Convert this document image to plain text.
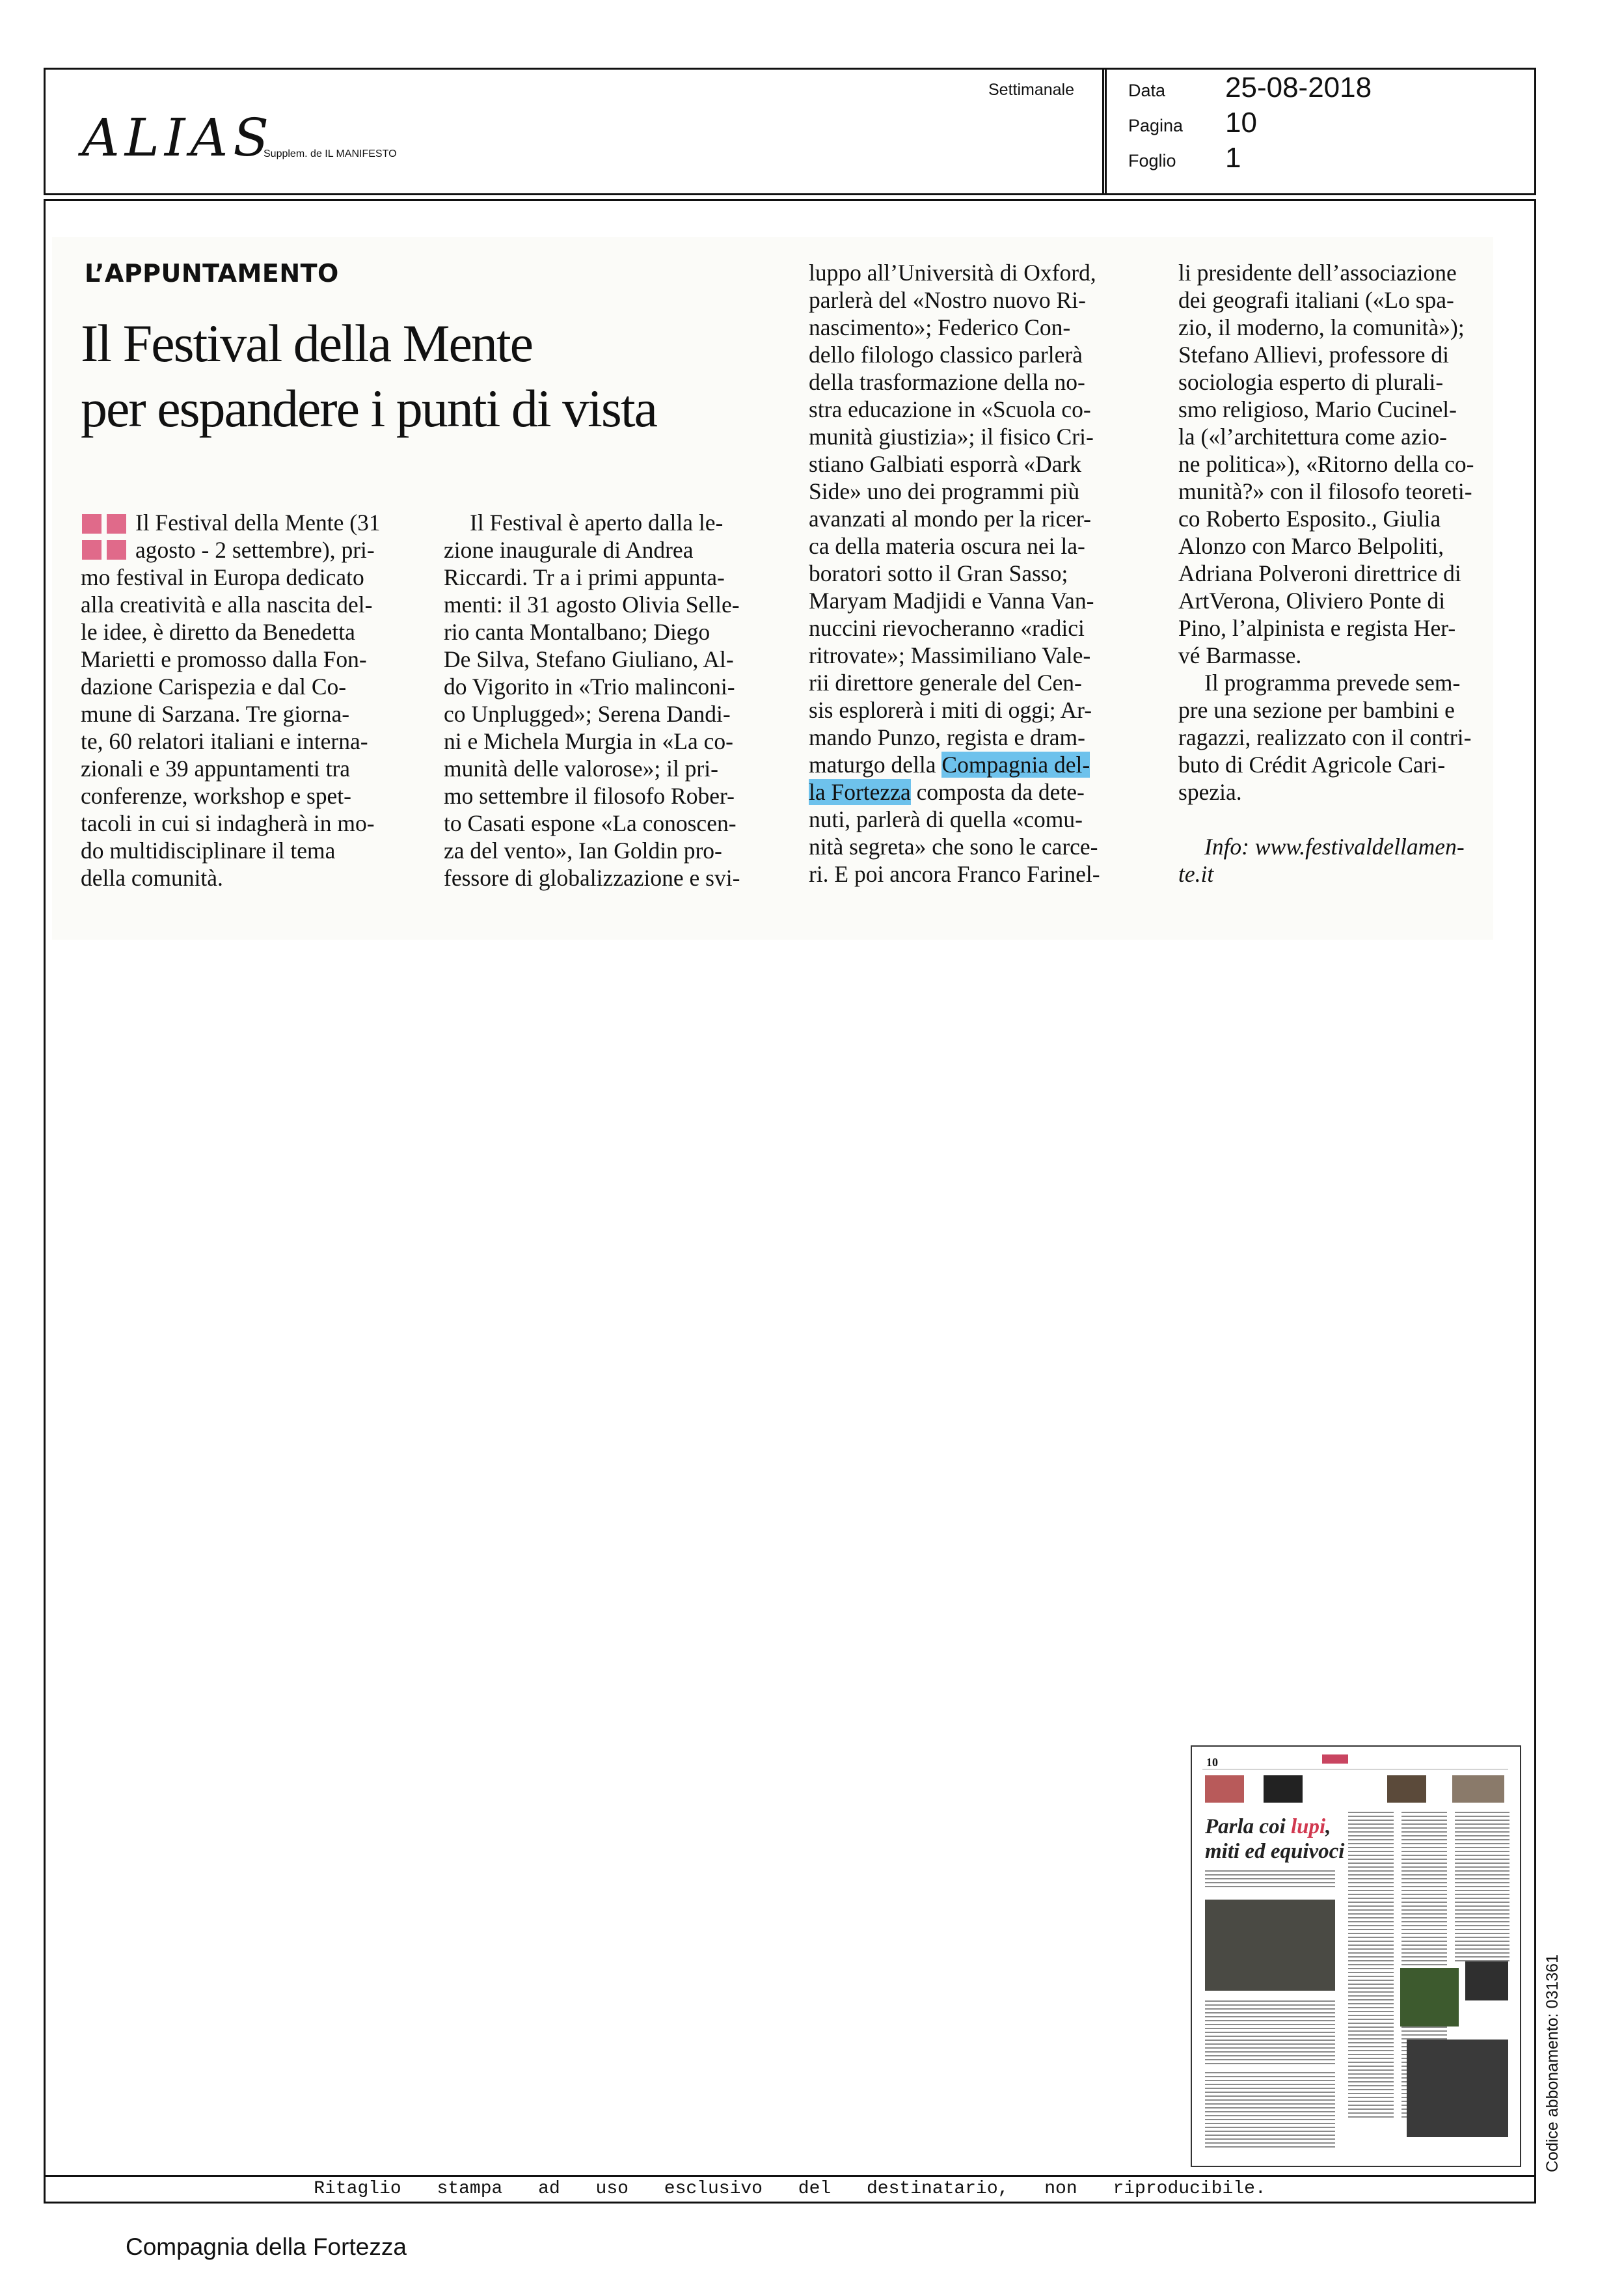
ALIAS
Supplem. de IL MANIFESTO
Settimanale	Data 25-08-2018
Pagina 10
Foglio 1
L’APPUNTAMENTO
Il Festival della Mente
per espandere i punti di vista

Il Festival della Mente (31

agosto - 2 settembre), pri-

mo festival in Europa dedicato

alla creatività e alla nascita del-

le idee, è diretto da Benedetta

Marietti e promosso dalla Fon-

dazione Carispezia e dal Co-

mune di Sarzana. Tre giorna-

te, 60 relatori italiani e interna-

zionali e 39 appuntamenti tra

conferenze, workshop e spet-

tacoli in cui si indagherà in mo-

do multidisciplinare il tema

della comunità.

Il Festival è aperto dalla le-

zione inaugurale di Andrea

Riccardi. Tr a i primi appunta-

menti: il 31 agosto Olivia Selle-

rio canta Montalbano; Diego

De Silva, Stefano Giuliano, Al-

do Vigorito in «Trio malinconi-

co Unplugged»; Serena Dandi-

ni e Michela Murgia in «La co-

munità delle valorose»; il pri-

mo settembre il filosofo Rober-

to Casati espone «La conoscen-

za del vento», Ian Goldin pro-

fessore di globalizzazione e svi-

luppo all’Università di Oxford,

parlerà del «Nostro nuovo Ri-

nascimento»; Federico Con-

dello filologo classico parlerà

della trasformazione della no-

stra educazione in «Scuola co-

munità giustizia»; il fisico Cri-

stiano Galbiati esporrà «Dark

Side» uno dei programmi più

avanzati al mondo per la ricer-

ca della materia oscura nei la-

boratori sotto il Gran Sasso;

Maryam Madjidi e Vanna Van-

nuccini rievocheranno «radici

ritrovate»; Massimiliano Vale-

rii direttore generale del Cen-

sis esplorerà i miti di oggi; Ar-

mando Punzo, regista e dram-

maturgo della Compagnia del-

la Fortezza composta da dete-

nuti, parlerà di quella «comu-

nità segreta» che sono le carce-

ri. E poi ancora Franco Farinel-

li presidente dell’associazione

dei geografi italiani («Lo spa-

zio, il moderno, la comunità»);

Stefano Allievi, professore di

sociologia esperto di plurali-

smo religioso, Mario Cucinel-

la («l’architettura come azio-

ne politica»), «Ritorno della co-

munità?» con il filosofo teoreti-

co Roberto Esposito., Giulia

Alonzo con Marco Belpoliti,

Adriana Polveroni direttrice di

ArtVerona, Oliviero Ponte di

Pino, l’alpinista e regista Her-

vé Barmasse.

Il programma prevede sem-

pre una sezione per bambini e

ragazzi, realizzato con il contri-

buto di Crédit Agricole Cari-

spezia.

Info: www.festivaldellamen-

te.it

10
Parla coi lupi,
miti ed equivoci
Codice abbonamento: 031361
Ritaglio stampa ad uso esclusivo del destinatario, non riproducibile.
Compagnia della Fortezza
